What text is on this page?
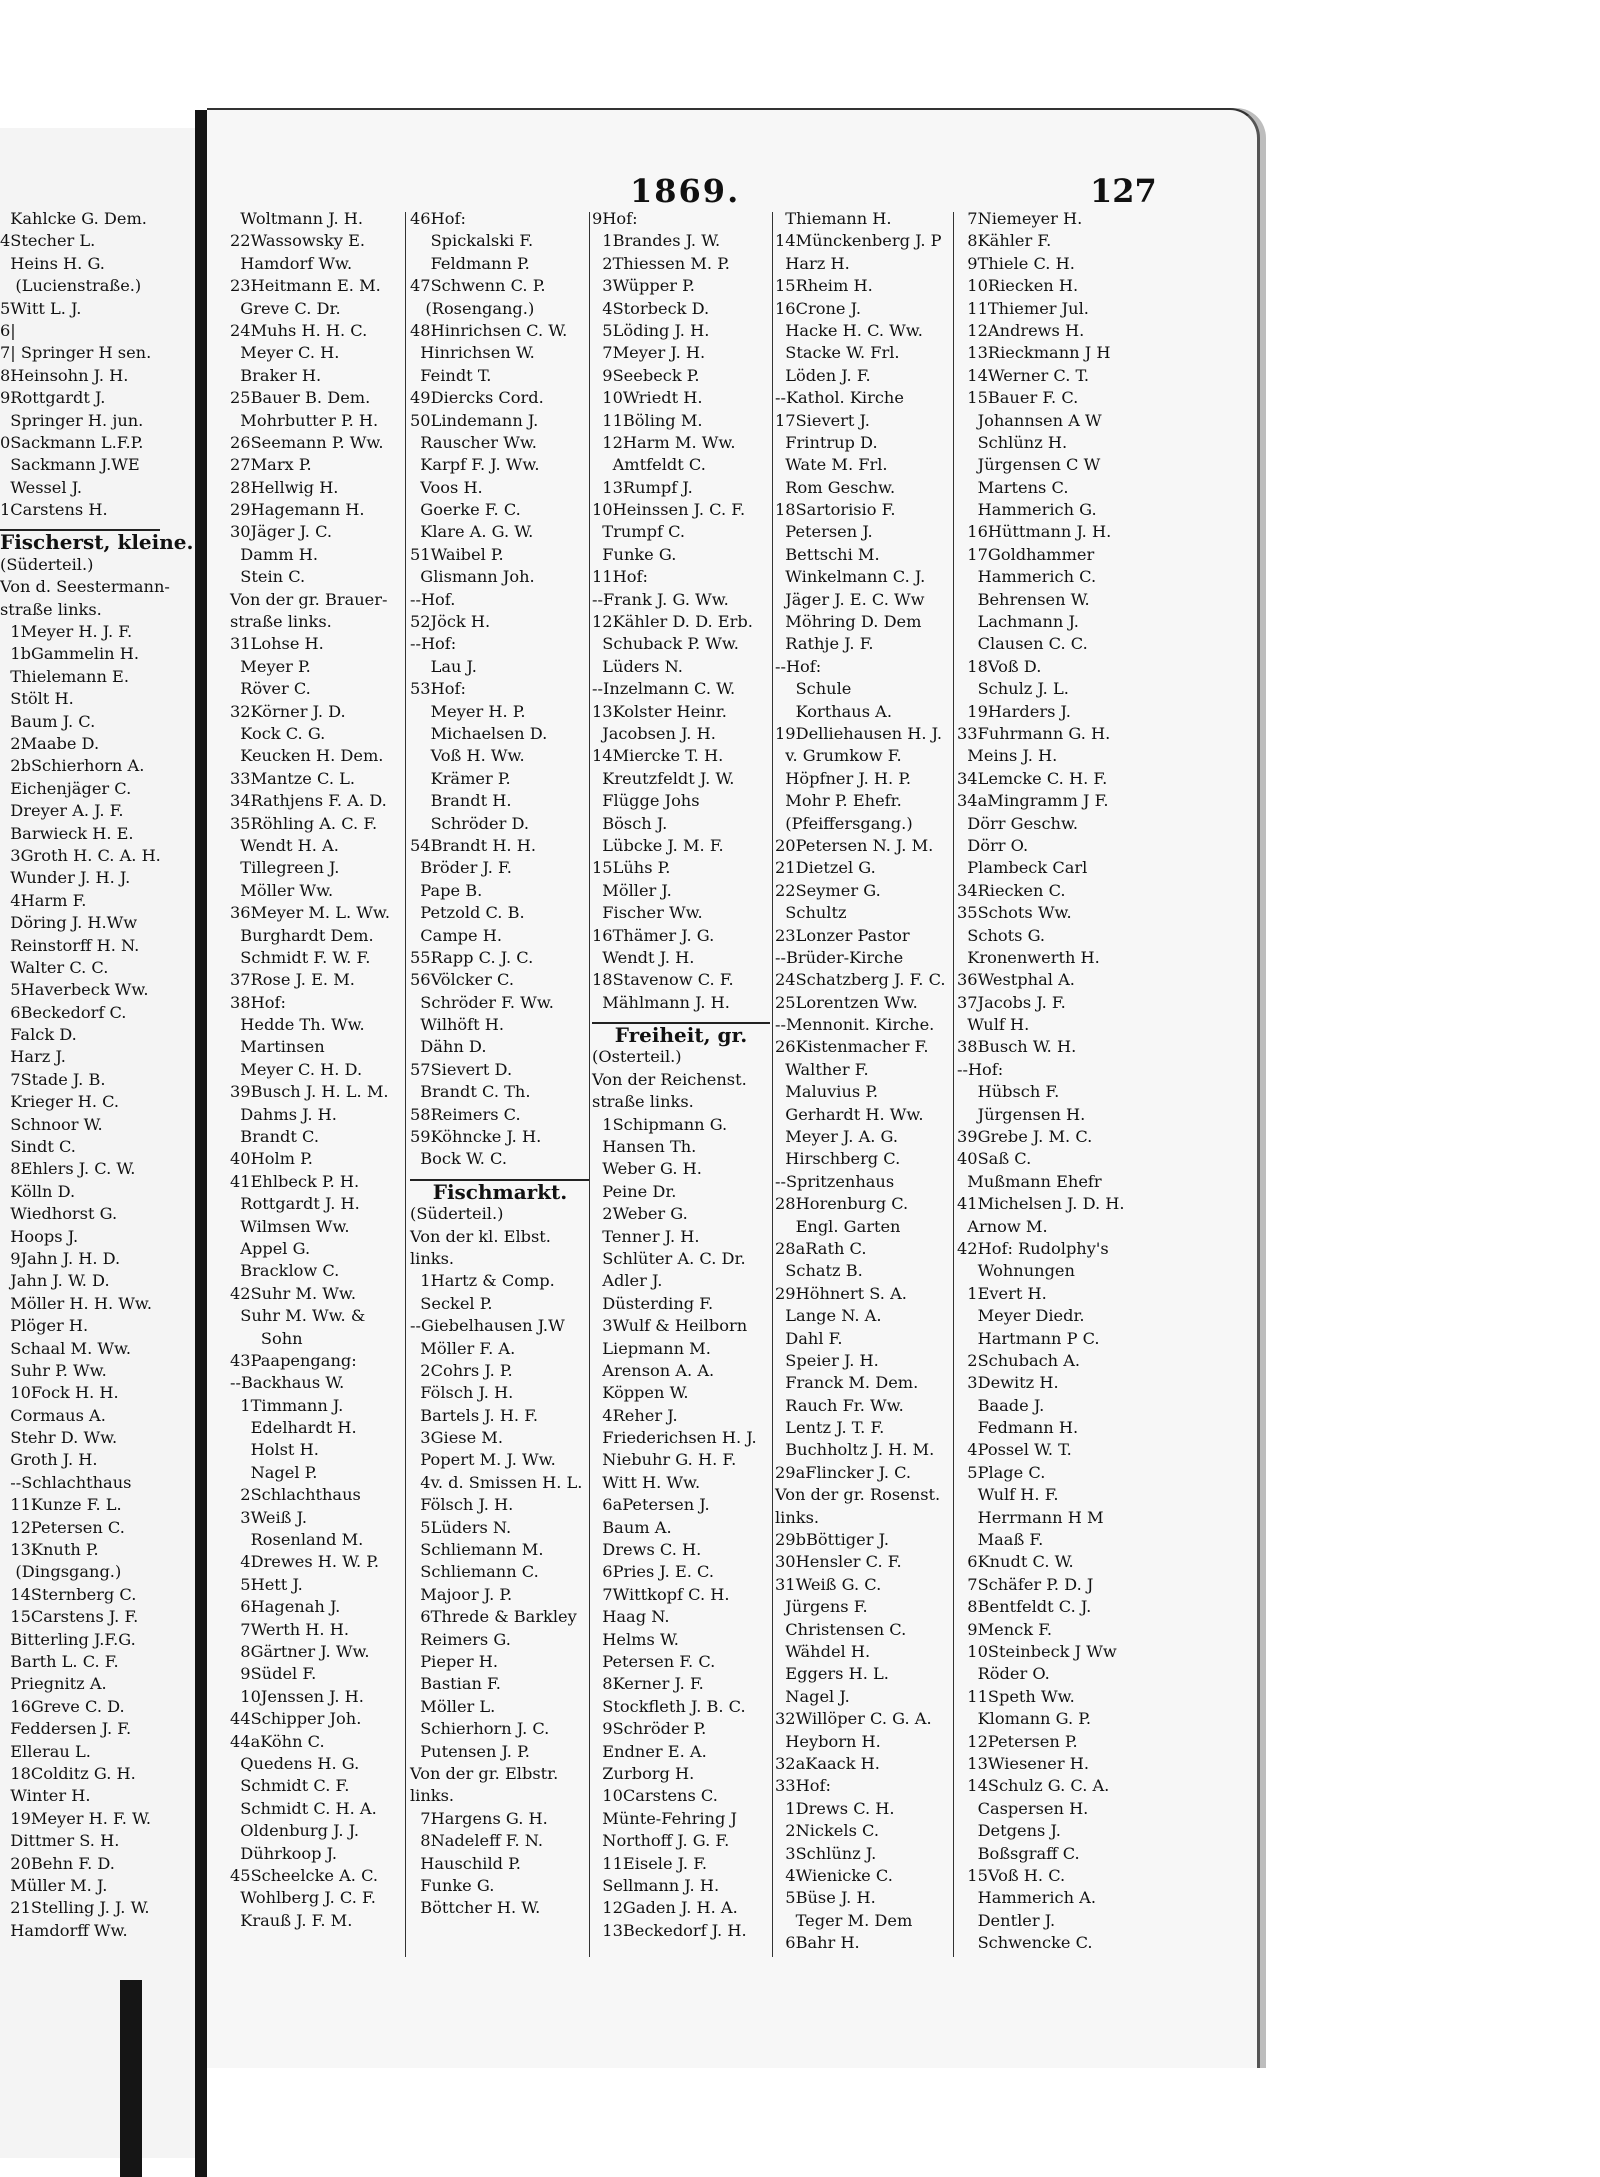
1869.	127
Kahlcke G. Dem.
4Stecher L.
Heins H. G.
(Lucienstraße.)
5Witt L. J.
6|
7| Springer H sen.
8Heinsohn J. H.
9Rottgardt J.
Springer H. jun.
0Sackmann L.F.P.
Sackmann J.WE
Wessel J.
1Carstens H.
Fischerst, kleine.
(Süderteil.)
Von d. Seestermann-
straße links.
1Meyer H. J. F.
1bGammelin H.
Thielemann E.
Stölt H.
Baum J. C.
2Maabe D.
2bSchierhorn A.
Eichenjäger C.
Dreyer A. J. F.
Barwieck H. E.
3Groth H. C. A. H.
Wunder J. H. J.
4Harm F.
Döring J. H.Ww
Reinstorff H. N.
Walter C. C.
5Haverbeck Ww.
6Beckedorf C.
Falck D.
Harz J.
7Stade J. B.
Krieger H. C.
Schnoor W.
Sindt C.
8Ehlers J. C. W.
Kölln D.
Wiedhorst G.
Hoops J.
9Jahn J. H. D.
Jahn J. W. D.
Möller H. H. Ww.
Plöger H.
Schaal M. Ww.
Suhr P. Ww.
10Fock H. H.
Cormaus A.
Stehr D. Ww.
Groth J. H.
--Schlachthaus
11Kunze F. L.
12Petersen C.
13Knuth P.
(Dingsgang.)
14Sternberg C.
15Carstens J. F.
Bitterling J.F.G.
Barth L. C. F.
Priegnitz A.
16Greve C. D.
Feddersen J. F.
Ellerau L.
18Colditz G. H.
Winter H.
19Meyer H. F. W.
Dittmer S. H.
20Behn F. D.
Müller M. J.
21Stelling J. J. W.
Hamdorff Ww.
Woltmann J. H.
22Wassowsky E.
Hamdorf Ww.
23Heitmann E. M.
Greve C. Dr.
24Muhs H. H. C.
Meyer C. H.
Braker H.
25Bauer B. Dem.
Mohrbutter P. H.
26Seemann P. Ww.
27Marx P.
28Hellwig H.
29Hagemann H.
30Jäger J. C.
Damm H.
Stein C.
Von der gr. Brauer-
straße links.
31Lohse H.
Meyer P.
Röver C.
32Körner J. D.
Kock C. G.
Keucken H. Dem.
33Mantze C. L.
34Rathjens F. A. D.
35Röhling A. C. F.
Wendt H. A.
Tillegreen J.
Möller Ww.
36Meyer M. L. Ww.
Burghardt Dem.
Schmidt F. W. F.
37Rose J. E. M.
38Hof:
Hedde Th. Ww.
Martinsen
Meyer C. H. D.
39Busch J. H. L. M.
Dahms J. H.
Brandt C.
40Holm P.
41Ehlbeck P. H.
Rottgardt J. H.
Wilmsen Ww.
Appel G.
Bracklow C.
42Suhr M. Ww.
Suhr M. Ww. &
Sohn
43Paapengang:
--Backhaus W.
1Timmann J.
Edelhardt H.
Holst H.
Nagel P.
2Schlachthaus
3Weiß J.
Rosenland M.
4Drewes H. W. P.
5Hett J.
6Hagenah J.
7Werth H. H.
8Gärtner J. Ww.
9Südel F.
10Jenssen J. H.
44Schipper Joh.
44aKöhn C.
Quedens H. G.
Schmidt C. F.
Schmidt C. H. A.
Oldenburg J. J.
Dührkoop J.
45Scheelcke A. C.
Wohlberg J. C. F.
Krauß J. F. M.
46Hof:
Spickalski F.
Feldmann P.
47Schwenn C. P.
(Rosengang.)
48Hinrichsen C. W.
Hinrichsen W.
Feindt T.
49Diercks Cord.
50Lindemann J.
Rauscher Ww.
Karpf F. J. Ww.
Voos H.
Goerke F. C.
Klare A. G. W.
51Waibel P.
Glismann Joh.
--Hof.
52Jöck H.
--Hof:
Lau J.
53Hof:
Meyer H. P.
Michaelsen D.
Voß H. Ww.
Krämer P.
Brandt H.
Schröder D.
54Brandt H. H.
Bröder J. F.
Pape B.
Petzold C. B.
Campe H.
55Rapp C. J. C.
56Völcker C.
Schröder F. Ww.
Wilhöft H.
Dähn D.
57Sievert D.
Brandt C. Th.
58Reimers C.
59Köhncke J. H.
Bock W. C.
Fischmarkt.
(Süderteil.)
Von der kl. Elbst.
links.
1Hartz & Comp.
Seckel P.
--Giebelhausen J.W
Möller F. A.
2Cohrs J. P.
Fölsch J. H.
Bartels J. H. F.
3Giese M.
Popert M. J. Ww.
4v. d. Smissen H. L.
Fölsch J. H.
5Lüders N.
Schliemann M.
Schliemann C.
Majoor J. P.
6Threde & Barkley
Reimers G.
Pieper H.
Bastian F.
Möller L.
Schierhorn J. C.
Putensen J. P.
Von der gr. Elbstr.
links.
7Hargens G. H.
8Nadeleff F. N.
Hauschild P.
Funke G.
Böttcher H. W.
9Hof:
1Brandes J. W.
2Thiessen M. P.
3Wüpper P.
4Storbeck D.
5Löding J. H.
7Meyer J. H.
9Seebeck P.
10Wriedt H.
11Böling M.
12Harm M. Ww.
Amtfeldt C.
13Rumpf J.
10Heinssen J. C. F.
Trumpf C.
Funke G.
11Hof:
--Frank J. G. Ww.
12Kähler D. D. Erb.
Schuback P. Ww.
Lüders N.
--Inzelmann C. W.
13Kolster Heinr.
Jacobsen J. H.
14Miercke T. H.
Kreutzfeldt J. W.
Flügge Johs
Bösch J.
Lübcke J. M. F.
15Lühs P.
Möller J.
Fischer Ww.
16Thämer J. G.
Wendt J. H.
18Stavenow C. F.
Mählmann J. H.
Freiheit, gr.
(Osterteil.)
Von der Reichenst.
straße links.
1Schipmann G.
Hansen Th.
Weber G. H.
Peine Dr.
2Weber G.
Tenner J. H.
Schlüter A. C. Dr.
Adler J.
Düsterding F.
3Wulf & Heilborn
Liepmann M.
Arenson A. A.
Köppen W.
4Reher J.
Friederichsen H. J.
Niebuhr G. H. F.
Witt H. Ww.
6aPetersen J.
Baum A.
Drews C. H.
6Pries J. E. C.
7Wittkopf C. H.
Haag N.
Helms W.
Petersen F. C.
8Kerner J. F.
Stockfleth J. B. C.
9Schröder P.
Endner E. A.
Zurborg H.
10Carstens C.
Münte-Fehring J
Northoff J. G. F.
11Eisele J. F.
Sellmann J. H.
12Gaden J. H. A.
13Beckedorf J. H.
Thiemann H.
14Münckenberg J. P
Harz H.
15Rheim H.
16Crone J.
Hacke H. C. Ww.
Stacke W. Frl.
Löden J. F.
--Kathol. Kirche
17Sievert J.
Frintrup D.
Wate M. Frl.
Rom Geschw.
18Sartorisio F.
Petersen J.
Bettschi M.
Winkelmann C. J.
Jäger J. E. C. Ww
Möhring D. Dem
Rathje J. F.
--Hof:
Schule
Korthaus A.
19Delliehausen H. J.
v. Grumkow F.
Höpfner J. H. P.
Mohr P. Ehefr.
(Pfeiffersgang.)
20Petersen N. J. M.
21Dietzel G.
22Seymer G.
Schultz
23Lonzer Pastor
--Brüder-Kirche
24Schatzberg J. F. C.
25Lorentzen Ww.
--Mennonit. Kirche.
26Kistenmacher F.
Walther F.
Maluvius P.
Gerhardt H. Ww.
Meyer J. A. G.
Hirschberg C.
--Spritzenhaus
28Horenburg C.
Engl. Garten
28aRath C.
Schatz B.
29Höhnert S. A.
Lange N. A.
Dahl F.
Speier J. H.
Franck M. Dem.
Rauch Fr. Ww.
Lentz J. T. F.
Buchholtz J. H. M.
29aFlincker J. C.
Von der gr. Rosenst.
links.
29bBöttiger J.
30Hensler C. F.
31Weiß G. C.
Jürgens F.
Christensen C.
Wähdel H.
Eggers H. L.
Nagel J.
32Willöper C. G. A.
Heyborn H.
32aKaack H.
33Hof:
1Drews C. H.
2Nickels C.
3Schlünz J.
4Wienicke C.
5Büse J. H.
Teger M. Dem
6Bahr H.
7Niemeyer H.
8Kähler F.
9Thiele C. H.
10Riecken H.
11Thiemer Jul.
12Andrews H.
13Rieckmann J H
14Werner C. T.
15Bauer F. C.
Johannsen A W
Schlünz H.
Jürgensen C W
Martens C.
Hammerich G.
16Hüttmann J. H.
17Goldhammer
Hammerich C.
Behrensen W.
Lachmann J.
Clausen C. C.
18Voß D.
Schulz J. L.
19Harders J.
33Fuhrmann G. H.
Meins J. H.
34Lemcke C. H. F.
34aMingramm J F.
Dörr Geschw.
Dörr O.
Plambeck Carl
34Riecken C.
35Schots Ww.
Schots G.
Kronenwerth H.
36Westphal A.
37Jacobs J. F.
Wulf H.
38Busch W. H.
--Hof:
Hübsch F.
Jürgensen H.
39Grebe J. M. C.
40Saß C.
Mußmann Ehefr
41Michelsen J. D. H.
Arnow M.
42Hof: Rudolphy's
Wohnungen
1Evert H.
Meyer Diedr.
Hartmann P C.
2Schubach A.
3Dewitz H.
Baade J.
Fedmann H.
4Possel W. T.
5Plage C.
Wulf H. F.
Herrmann H M
Maaß F.
6Knudt C. W.
7Schäfer P. D. J
8Bentfeldt C. J.
9Menck F.
10Steinbeck J Ww
Röder O.
11Speth Ww.
Klomann G. P.
12Petersen P.
13Wiesener H.
14Schulz G. C. A.
Caspersen H.
Detgens J.
Boßsgraff C.
15Voß H. C.
Hammerich A.
Dentler J.
Schwencke C.
